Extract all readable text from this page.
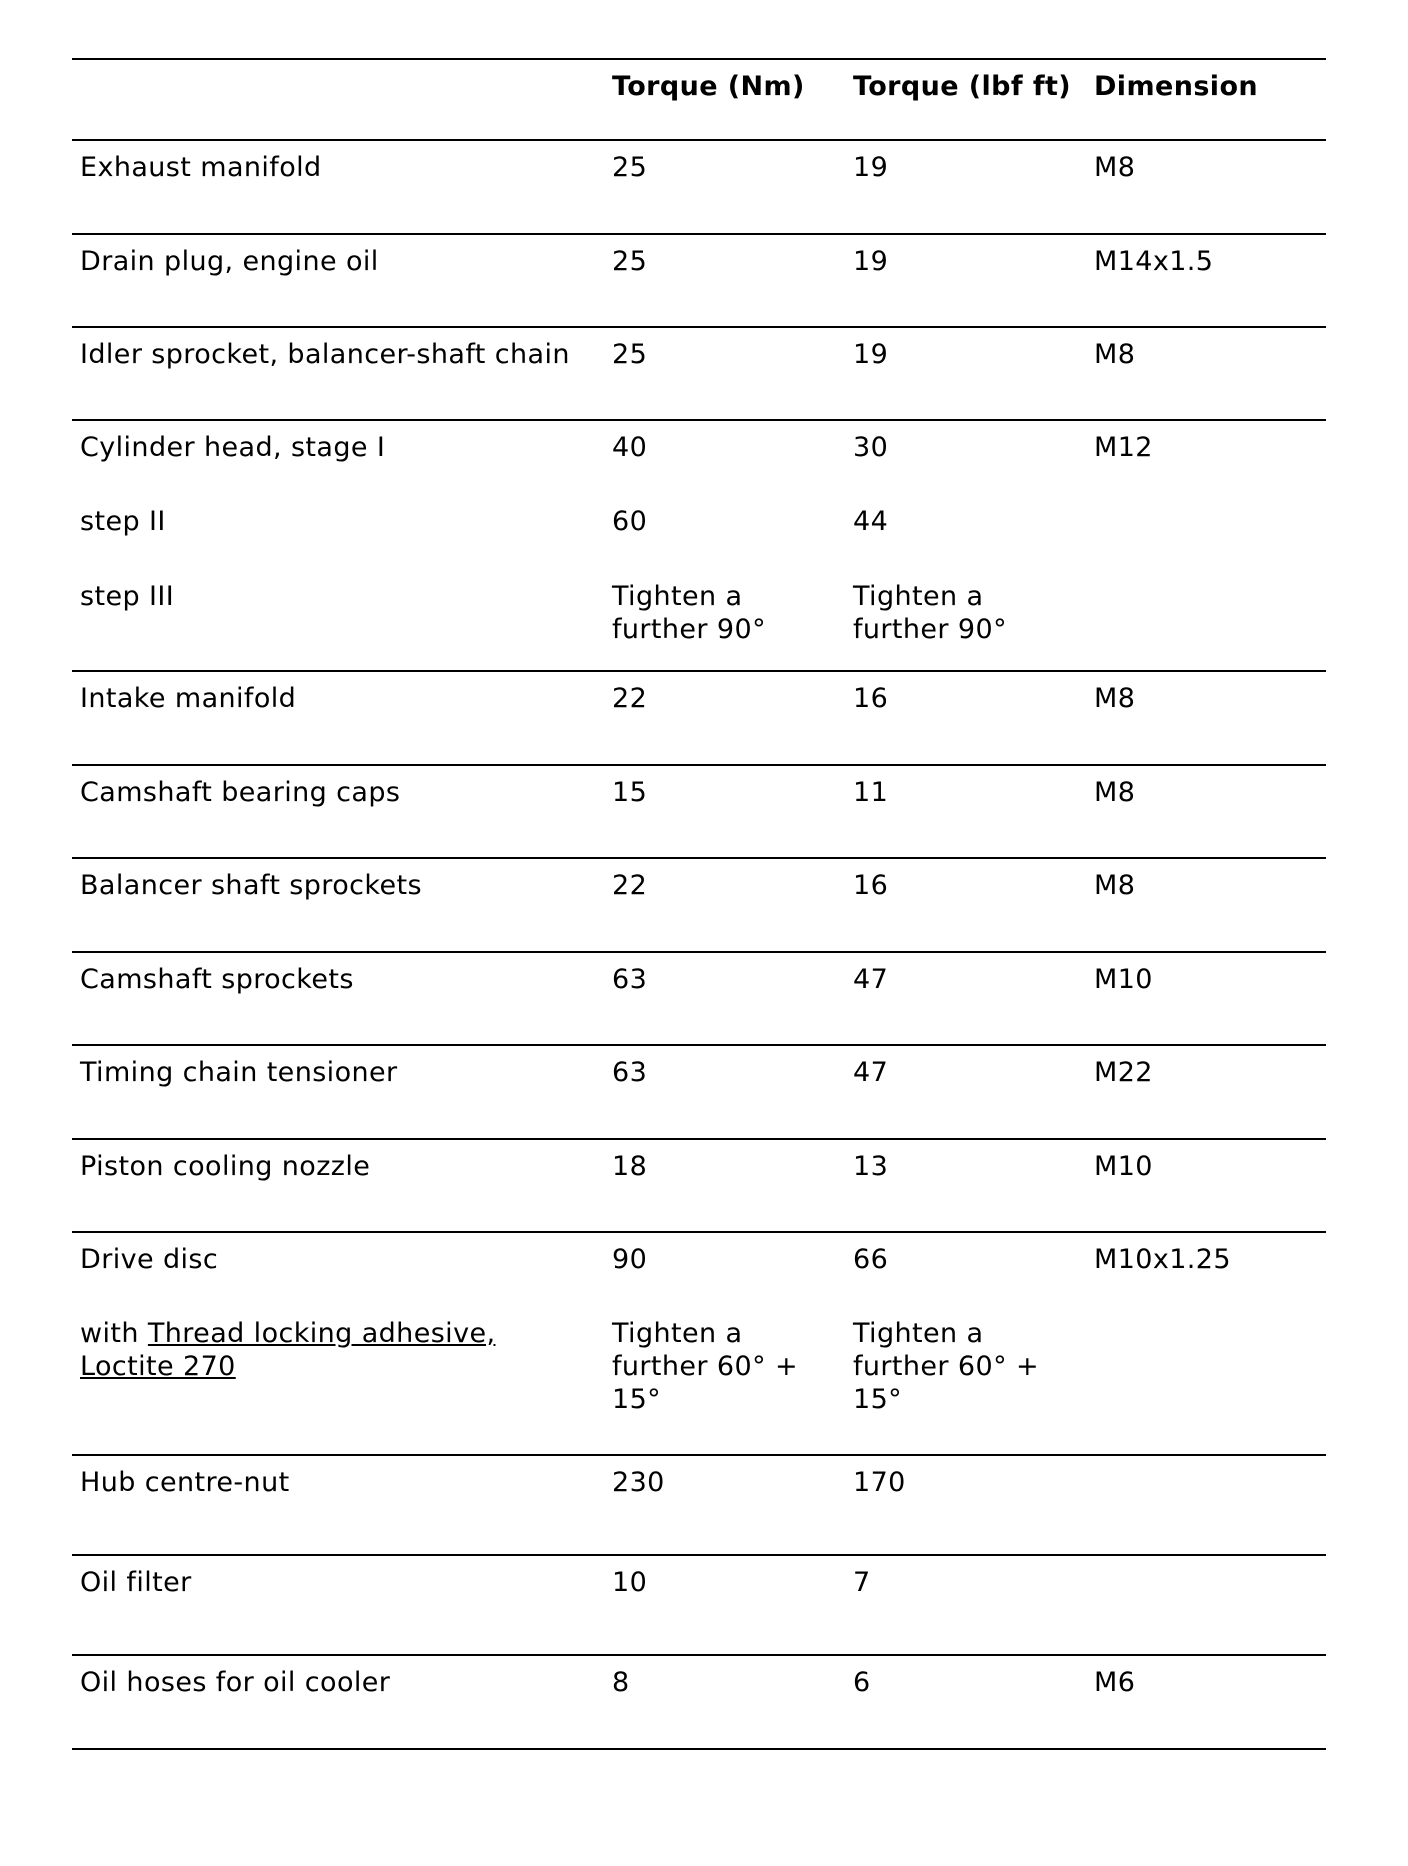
	Torque (Nm)	Torque (lbf ft)	Dimension
Exhaust manifold	25	19	M8
Drain plug, engine oil	25	19	M14x1.5
Idler sprocket, balancer-shaft chain	25	19	M8
Cylinder head, stage I	40	30	M12
step II	60	44	
step III	Tighten a further 90°	Tighten a further 90°	
Intake manifold	22	16	M8
Camshaft bearing caps	15	11	M8
Balancer shaft sprockets	22	16	M8
Camshaft sprockets	63	47	M10
Timing chain tensioner	63	47	M22
Piston cooling nozzle	18	13	M10
Drive disc	90	66	M10x1.25
with Thread locking adhesive, Loctite 270	Tighten a further 60° + 15°	Tighten a further 60° + 15°	
Hub centre-nut	230	170	
Oil filter	10	7	
Oil hoses for oil cooler	8	6	M6
